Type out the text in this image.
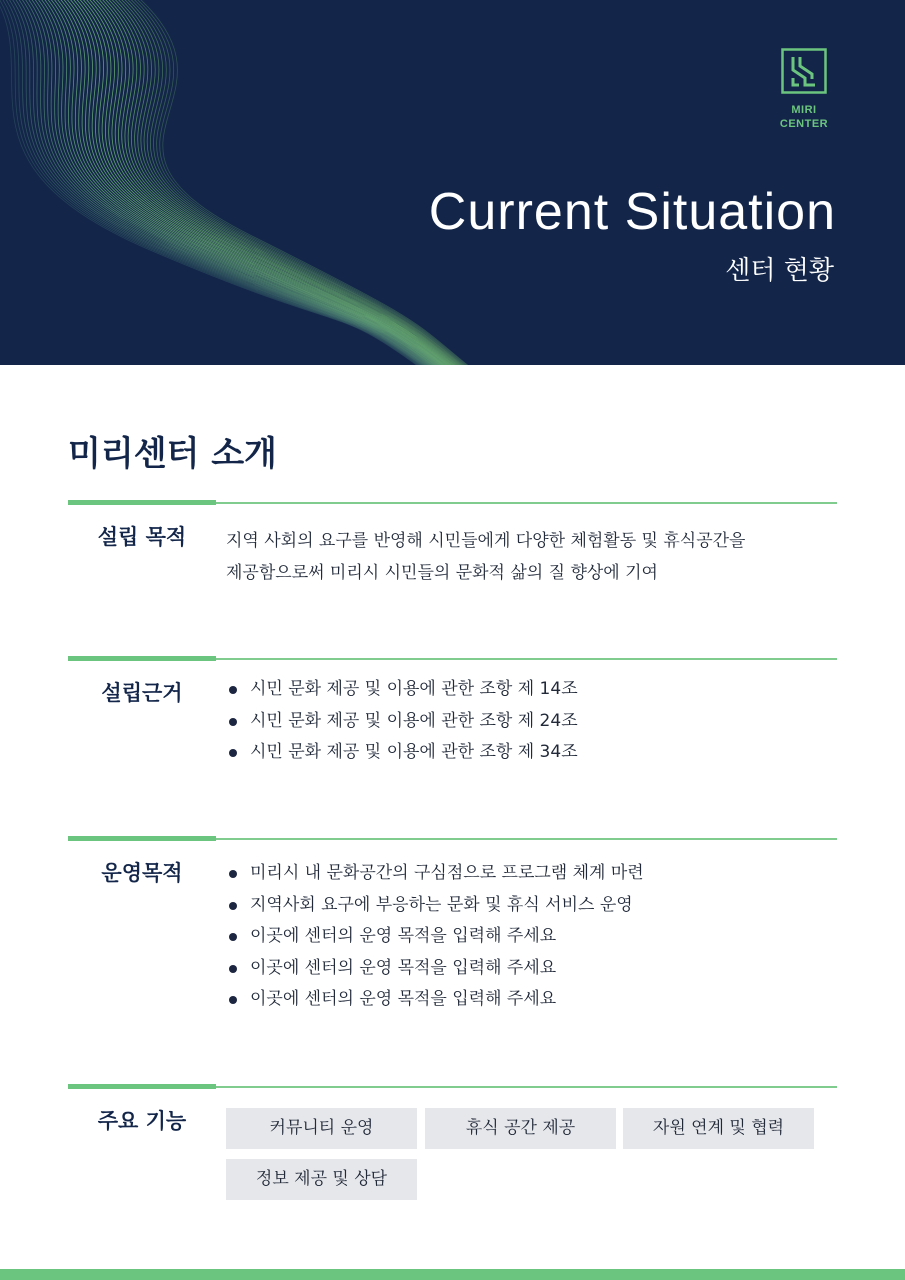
MIRI
CENTER
Current Situation
센터 현황
미리센터 소개
설립 목적	지역 사회의 요구를 반영해 시민들에게 다양한 체험활동 및 휴식공간을

제공함으로써 미리시 시민들의 문화적 삶의 질 향상에 기여

설립근거	시민 문화 제공 및 이용에 관한 조항 제 14조
시민 문화 제공 및 이용에 관한 조항 제 24조
시민 문화 제공 및 이용에 관한 조항 제 34조
운영목적	미리시 내 문화공간의 구심점으로 프로그램 체계 마련
지역사회 요구에 부응하는 문화 및 휴식 서비스 운영
이곳에 센터의 운영 목적을 입력해 주세요
이곳에 센터의 운영 목적을 입력해 주세요
이곳에 센터의 운영 목적을 입력해 주세요
주요 기능	커뮤니티 운영	휴식 공간 제공	자원 연계 및 협력
정보 제공 및 상담
